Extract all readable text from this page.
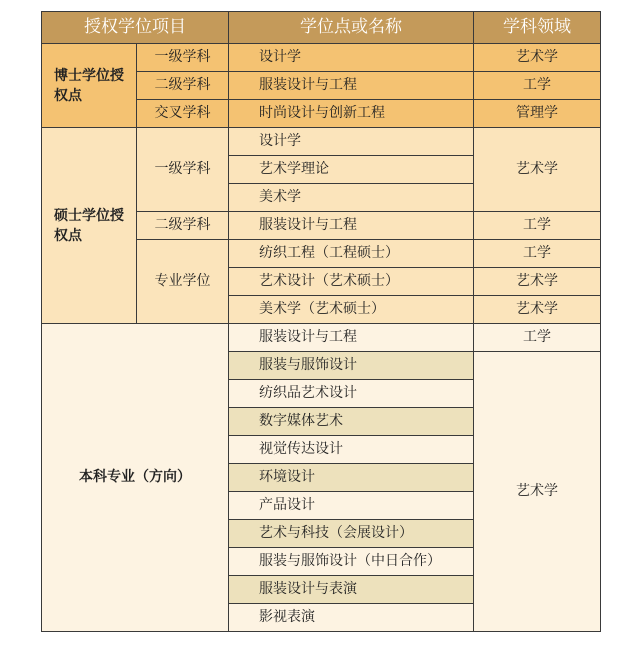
授权学位项目		学位点或名称	学科领域
博士学位授权点	一级学科	设计学	艺术学
	二级学科	服装设计与工程	工学
	交叉学科	时尚设计与创新工程	管理学
硕士学位授权点	一级学科	设计学	艺术学
		艺术学理论	
		美术学	
	二级学科	服装设计与工程	工学
	专业学位	纺织工程（工程硕士）	工学
		艺术设计（艺术硕士）	艺术学
		美术学（艺术硕士）	艺术学
本科专业（方向）		服装设计与工程	工学
		服装与服饰设计	艺术学
		纺织品艺术设计	
		数字媒体艺术	
		视觉传达设计	
		环境设计	
		产品设计	
		艺术与科技（会展设计）	
		服装与服饰设计（中日合作）	
		服装设计与表演	
		影视表演	
